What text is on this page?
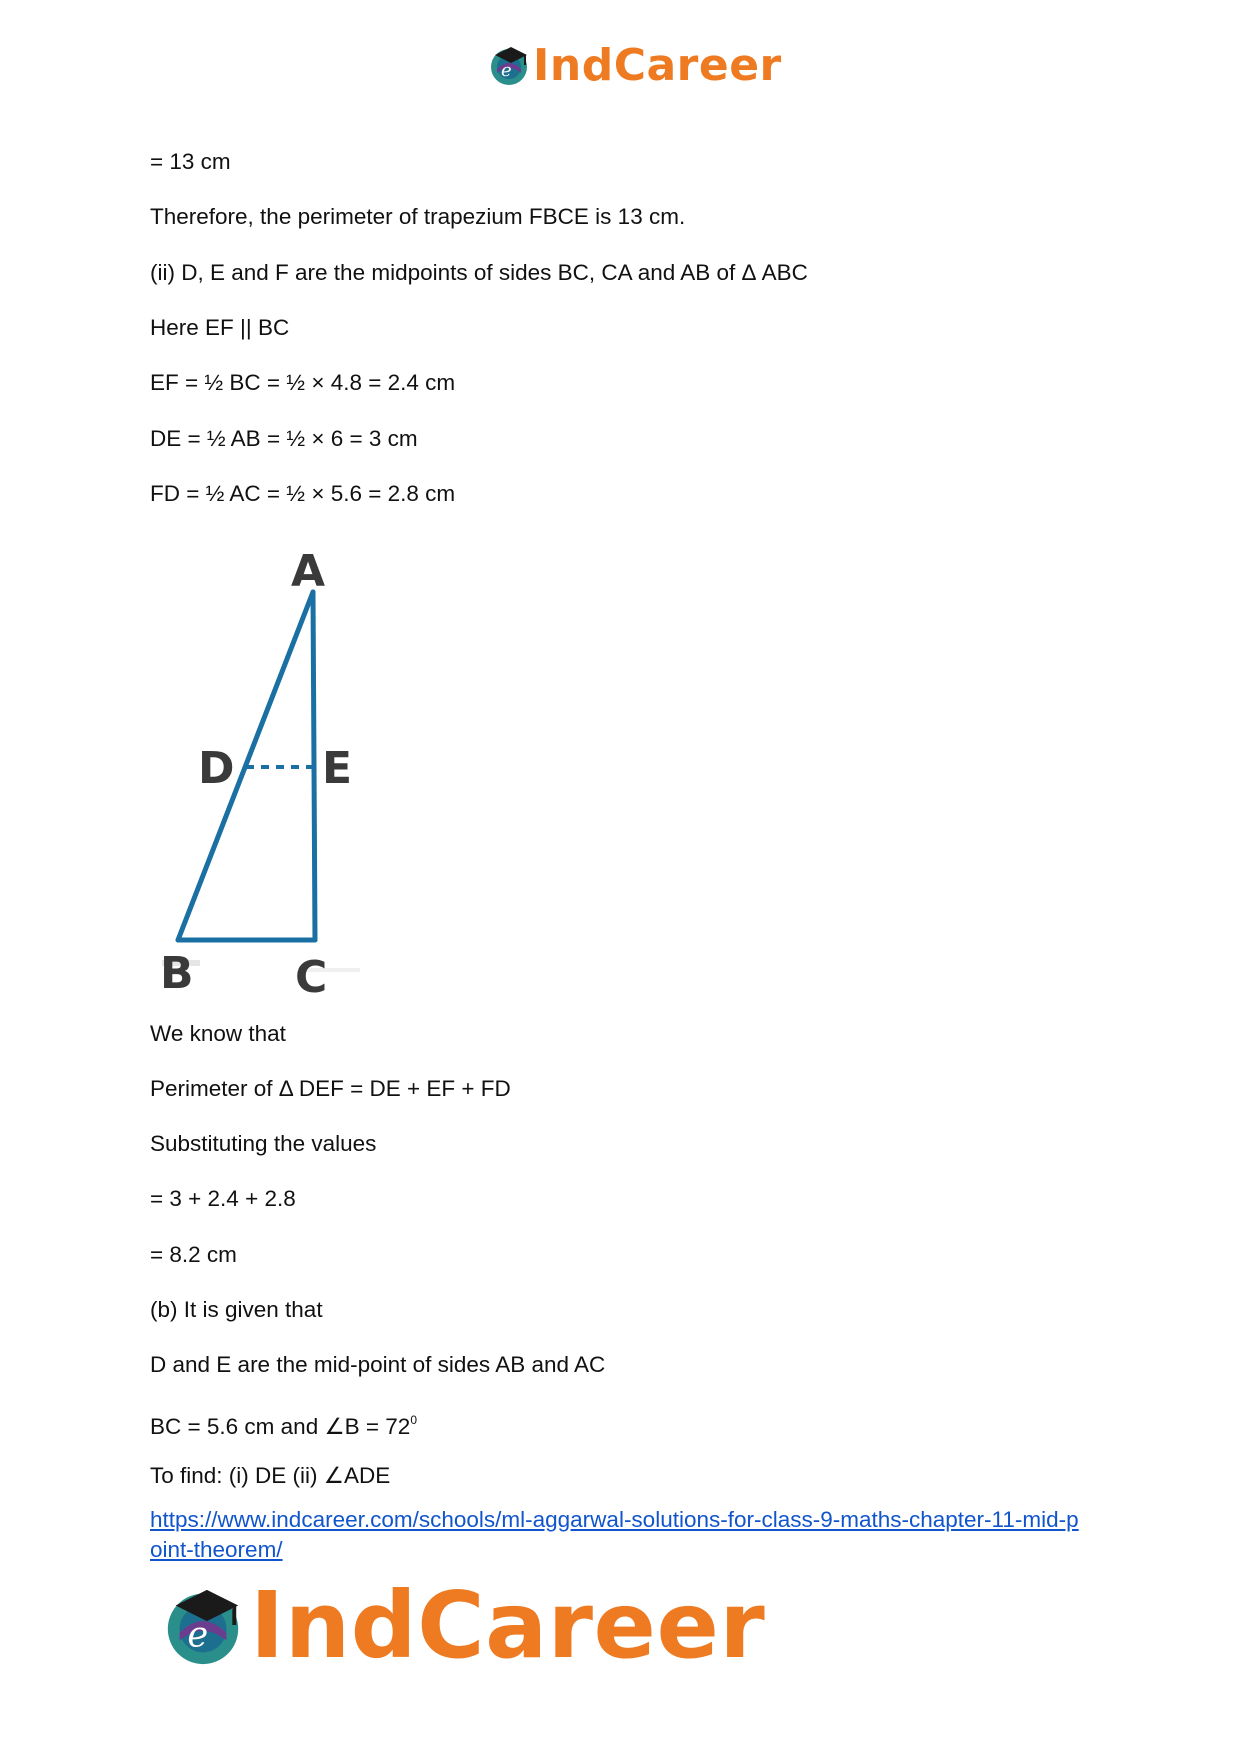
e IndCareer
= 13 cm
Therefore, the perimeter of trapezium FBCE is 13 cm.
(ii) D, E and F are the midpoints of sides BC, CA and AB of Δ ABC
Here EF || BC
EF = ½ BC = ½ × 4.8 = 2.4 cm
DE = ½ AB = ½ × 6 = 3 cm
FD = ½ AC = ½ × 5.6 = 2.8 cm
We know that
Perimeter of Δ DEF = DE + EF + FD
Substituting the values
= 3 + 2.4 + 2.8
= 8.2 cm
(b) It is given that
D and E are the mid-point of sides AB and AC
BC = 5.6 cm and ∠B = $72^0$
To find: (i) DE (ii) ∠ADE
A
D E
B C
https://www.indcareer.com/schools/ml-aggarwal-solutions-for-class-9-maths-chapter-11-mid-point-theorem/
e IndCareer
